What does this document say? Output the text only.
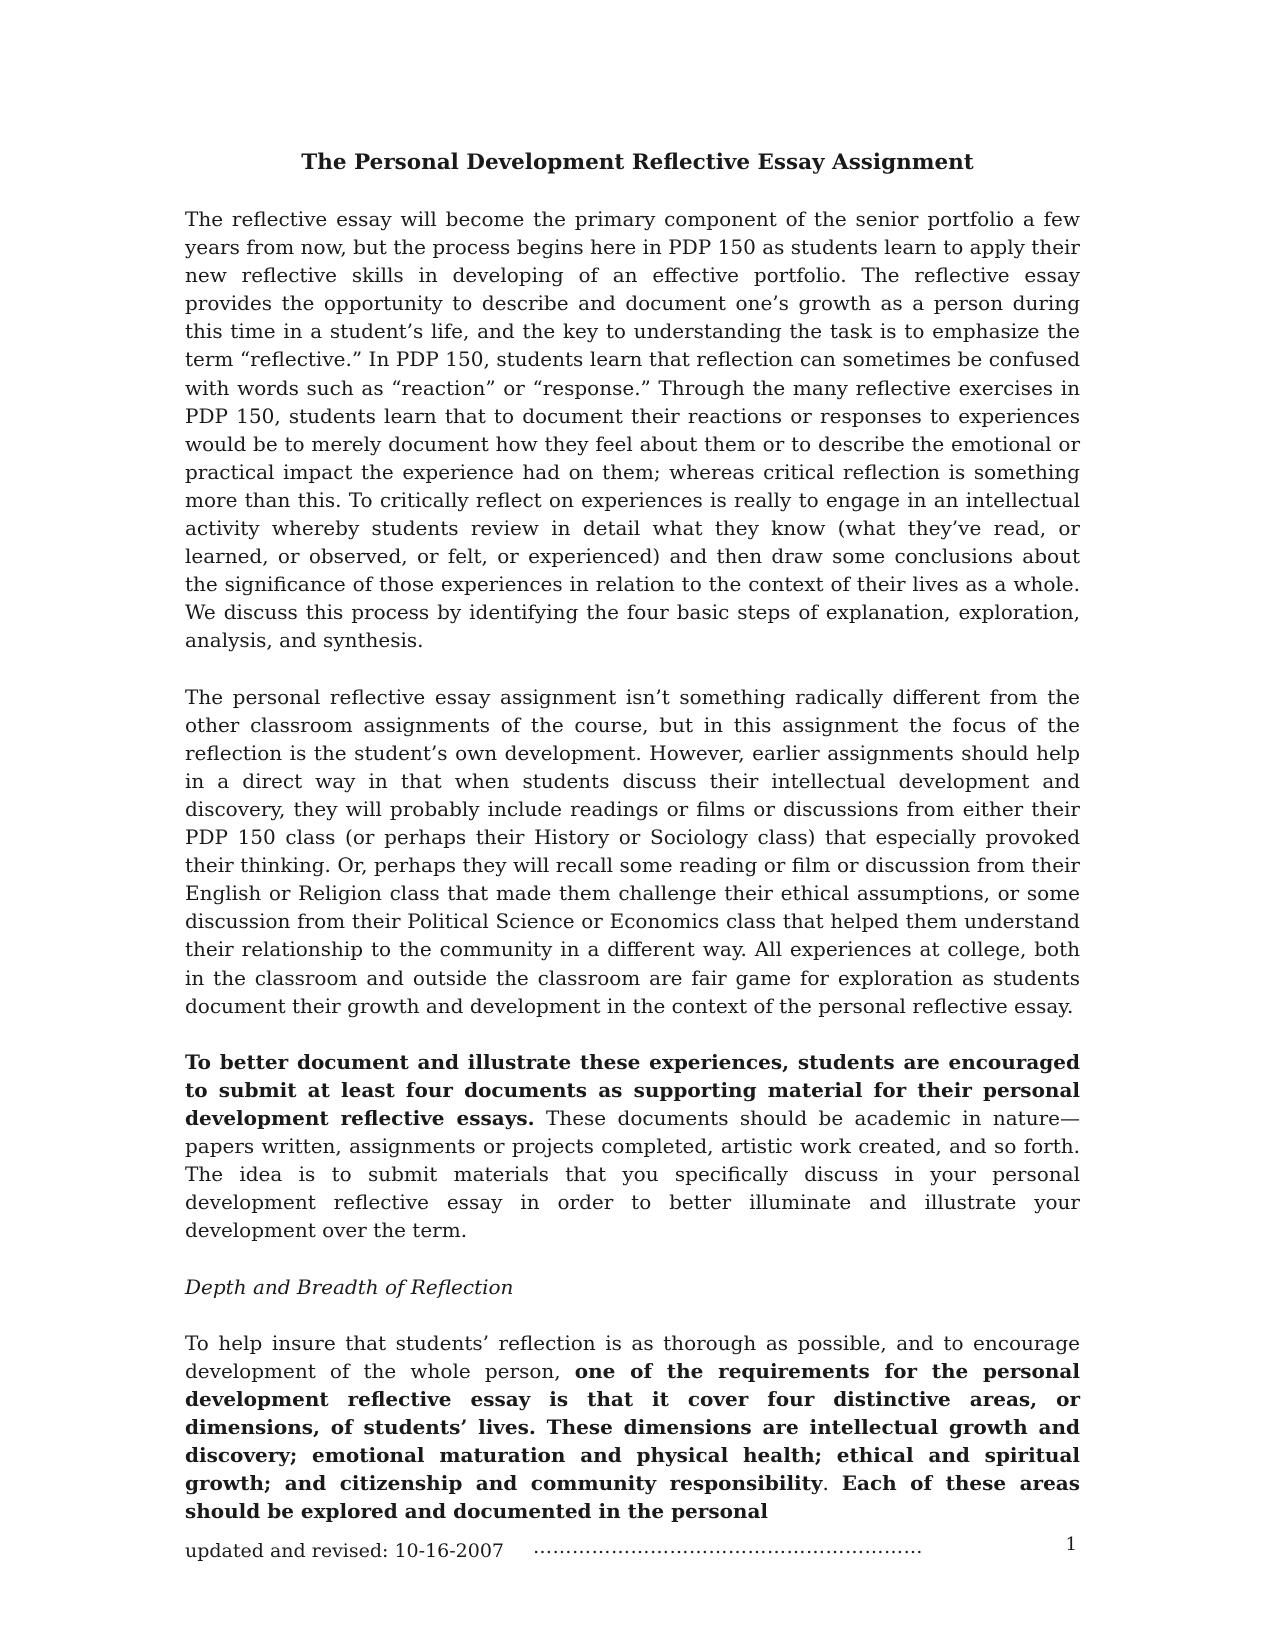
The Personal Development Reflective Essay Assignment

The reflective essay will become the primary component of the senior portfolio a few years from now, but the process begins here in PDP 150 as students learn to apply their new reflective skills in developing of an effective portfolio. The reflective essay provides the opportunity to describe and document one’s growth as a person during this time in a student’s life, and the key to understanding the task is to emphasize the term “reflective.” In PDP 150, students learn that reflection can sometimes be confused with words such as “reaction” or “response.” Through the many reflective exercises in PDP 150, students learn that to document their reactions or responses to experiences would be to merely document how they feel about them or to describe the emotional or practical impact the experience had on them; whereas critical reflection is something more than this. To critically reflect on experiences is really to engage in an intellectual activity whereby students review in detail what they know (what they’ve read, or learned, or observed, or felt, or experienced) and then draw some conclusions about the significance of those experiences in relation to the context of their lives as a whole. We discuss this process by identifying the four basic steps of explanation, exploration, analysis, and synthesis.

The personal reflective essay assignment isn’t something radically different from the other classroom assignments of the course, but in this assignment the focus of the reflection is the student’s own development. However, earlier assignments should help in a direct way in that when students discuss their intellectual development and discovery, they will probably include readings or films or discussions from either their PDP 150 class (or perhaps their History or Sociology class) that especially provoked their thinking. Or, perhaps they will recall some reading or film or discussion from their English or Religion class that made them challenge their ethical assumptions, or some discussion from their Political Science or Economics class that helped them understand their relationship to the community in a different way. All experiences at college, both in the classroom and outside the classroom are fair game for exploration as students document their growth and development in the context of the personal reflective essay.

To better document and illustrate these experiences, students are encouraged to submit at least four documents as supporting material for their personal development reflective essays. These documents should be academic in nature—papers written, assignments or projects completed, artistic work created, and so forth. The idea is to submit materials that you specifically discuss in your personal development reflective essay in order to better illuminate and illustrate your development over the term.

Depth and Breadth of Reflection

To help insure that students’ reflection is as thorough as possible, and to encourage development of the whole person, one of the requirements for the personal development reflective essay is that it cover four distinctive areas, or dimensions, of students’ lives. These dimensions are intellectual growth and discovery; emotional maturation and physical health; ethical and spiritual growth; and citizenship and community responsibility. Each of these areas should be explored and documented in the personal

updated and revised: 10-16-2007 ……………………………………………………	1
